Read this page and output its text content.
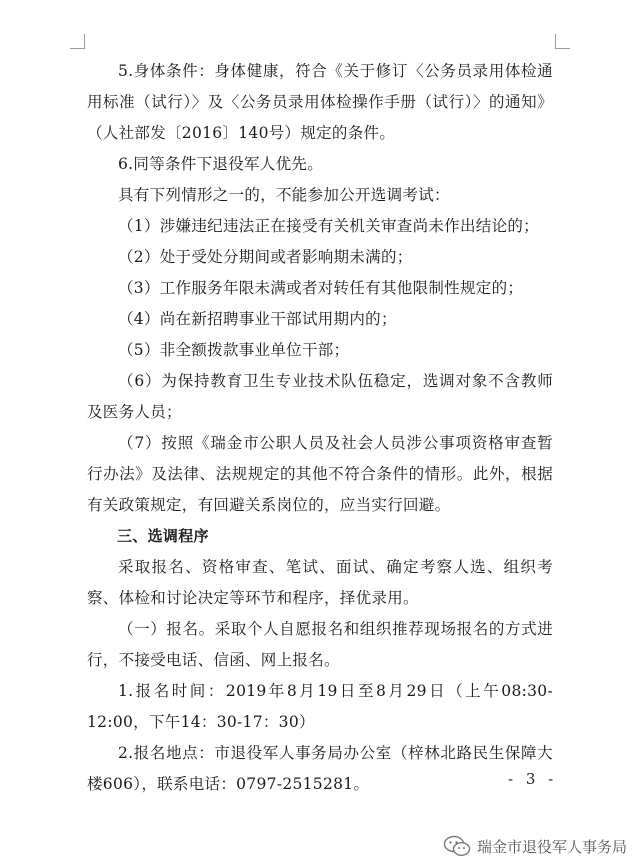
5.身体条件：身体健康，符合《关于修订〈公务员录用体检通用标准（试行）〉及〈公务员录用体检操作手册（试行）〉的通知》（人社部发〔2016〕140号）规定的条件。

6.同等条件下退役军人优先。

具有下列情形之一的，不能参加公开选调考试：

（1）涉嫌违纪违法正在接受有关机关审查尚未作出结论的；

（2）处于受处分期间或者影响期未满的；

（3）工作服务年限未满或者对转任有其他限制性规定的；

（4）尚在新招聘事业干部试用期内的；

（5）非全额拨款事业单位干部；

（6）为保持教育卫生专业技术队伍稳定，选调对象不含教师及医务人员；

（7）按照《瑞金市公职人员及社会人员涉公事项资格审查暂行办法》及法律、法规规定的其他不符合条件的情形。此外，根据有关政策规定，有回避关系岗位的，应当实行回避。

三、选调程序

采取报名、资格审查、笔试、面试、确定考察人选、组织考察、体检和讨论决定等环节和程序，择优录用。

（一）报名。采取个人自愿报名和组织推荐现场报名的方式进行，不接受电话、信函、网上报名。

1.报名时间：2019年8月19日至8月29日（上午08:30-12:00，下午14：30-17：30）

2.报名地点：市退役军人事务局办公室（梓林北路民生保障大楼606），联系电话：0797-2515281。	- 3 -
瑞金市退役军人事务局
